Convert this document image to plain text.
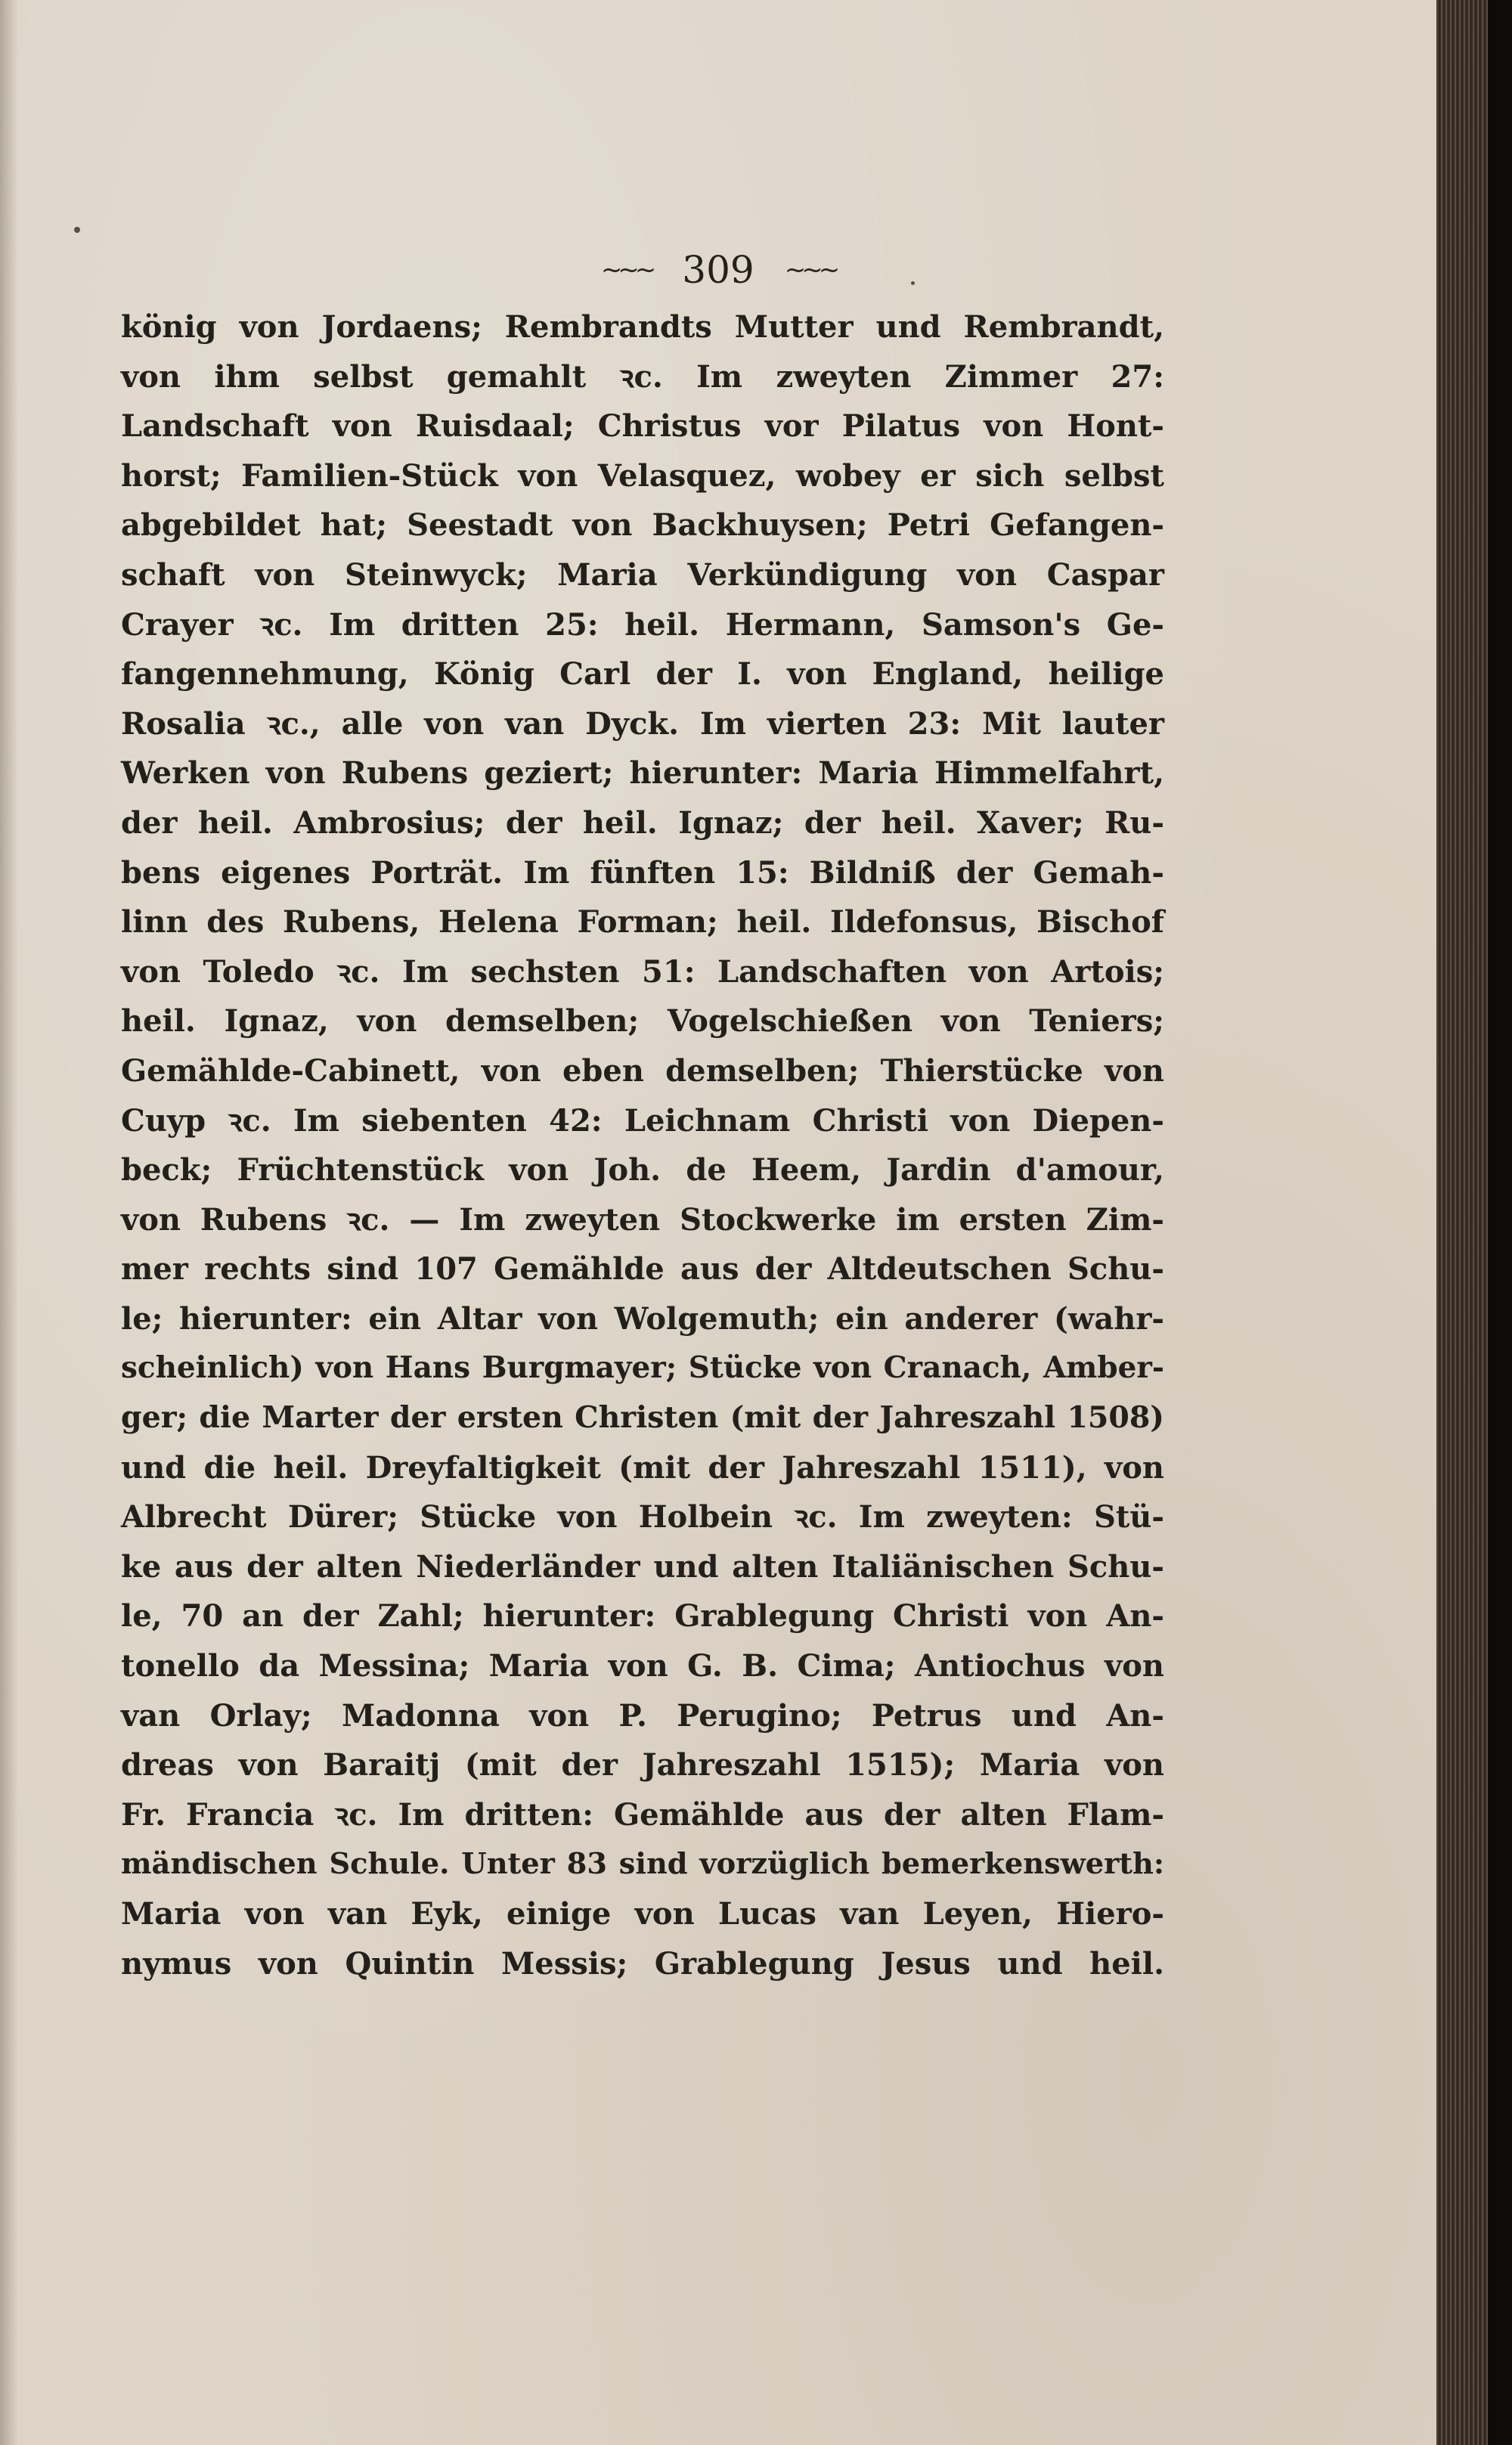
~~~ 309 ~~~
könig von Jordaens; Rembrandts Mutter und Rembrandt,
von ihm selbst gemahlt ꝛc. Im zweyten Zimmer 27:
Landschaft von Ruisdaal; Christus vor Pilatus von Hont-
horst; Familien-Stück von Velasquez, wobey er sich selbst
abgebildet hat; Seestadt von Backhuysen; Petri Gefangen-
schaft von Steinwyck; Maria Verkündigung von Caspar
Crayer ꝛc. Im dritten 25: heil. Hermann, Samson's Ge-
fangennehmung, König Carl der I. von England, heilige
Rosalia ꝛc., alle von van Dyck. Im vierten 23: Mit lauter
Werken von Rubens geziert; hierunter: Maria Himmelfahrt,
der heil. Ambrosius; der heil. Ignaz; der heil. Xaver; Ru-
bens eigenes Porträt. Im fünften 15: Bildniß der Gemah-
linn des Rubens, Helena Forman; heil. Ildefonsus, Bischof
von Toledo ꝛc. Im sechsten 51: Landschaften von Artois;
heil. Ignaz, von demselben; Vogelschießen von Teniers;
Gemählde-Cabinett, von eben demselben; Thierstücke von
Cuyp ꝛc. Im siebenten 42: Leichnam Christi von Diepen-
beck; Früchtenstück von Joh. de Heem, Jardin d'amour,
von Rubens ꝛc. — Im zweyten Stockwerke im ersten Zim-
mer rechts sind 107 Gemählde aus der Altdeutschen Schu-
le; hierunter: ein Altar von Wolgemuth; ein anderer (wahr-
scheinlich) von Hans Burgmayer; Stücke von Cranach, Amber-
ger; die Marter der ersten Christen (mit der Jahreszahl 1508)
und die heil. Dreyfaltigkeit (mit der Jahreszahl 1511), von
Albrecht Dürer; Stücke von Holbein ꝛc. Im zweyten: Stü-
ke aus der alten Niederländer und alten Italiänischen Schu-
le, 70 an der Zahl; hierunter: Grablegung Christi von An-
tonello da Messina; Maria von G. B. Cima; Antiochus von
van Orlay; Madonna von P. Perugino; Petrus und An-
dreas von Baraitj (mit der Jahreszahl 1515); Maria von
Fr. Francia ꝛc. Im dritten: Gemählde aus der alten Flam-
mändischen Schule. Unter 83 sind vorzüglich bemerkenswerth:
Maria von van Eyk, einige von Lucas van Leyen, Hiero-
nymus von Quintin Messis; Grablegung Jesus und heil.
